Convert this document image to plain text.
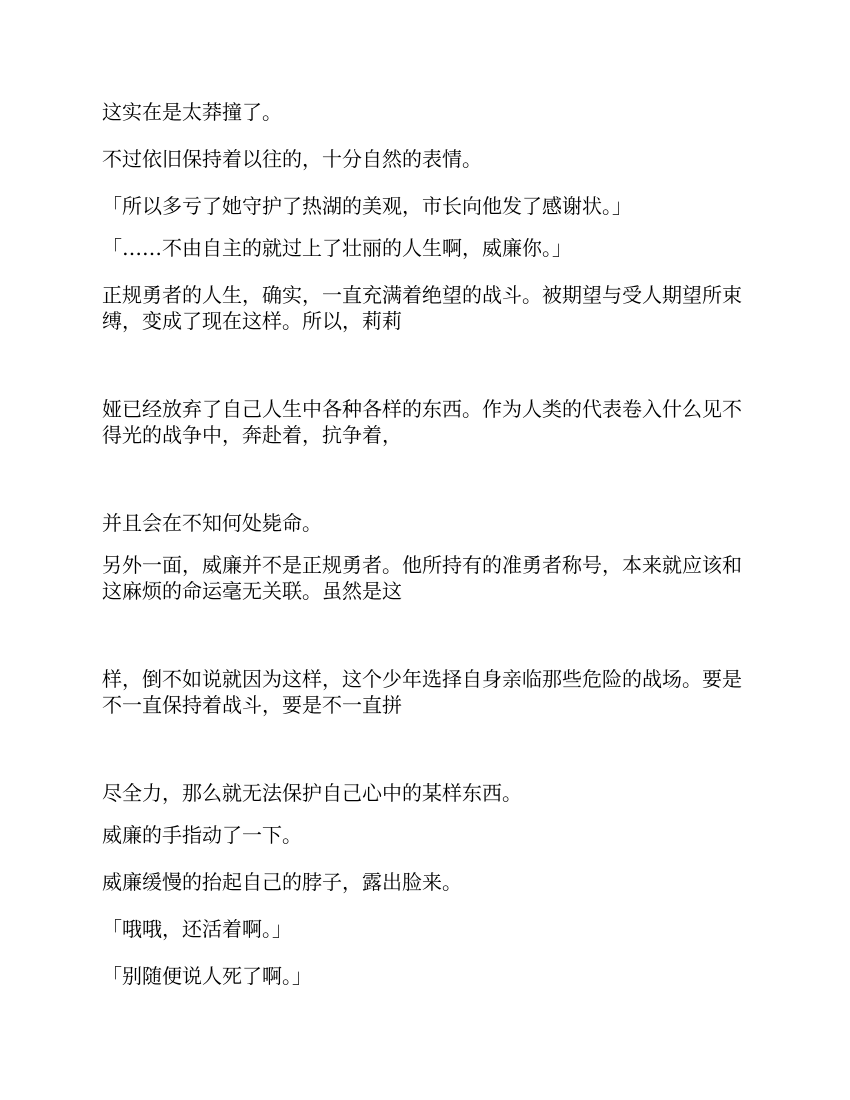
这实在是太莽撞了。

不过依旧保持着以往的，十分自然的表情。

「所以多亏了她守护了热湖的美观，市长向他发了感谢状。」

「……不由自主的就过上了壮丽的人生啊，威廉你。」

正规勇者的人生，确实，一直充满着绝望的战斗。被期望与受人期望所束缚，变成了现在这样。所以，莉莉

娅已经放弃了自己人生中各种各样的东西。作为人类的代表卷入什么见不得光的战争中，奔赴着，抗争着，

并且会在不知何处毙命。

另外一面，威廉并不是正规勇者。他所持有的准勇者称号，本来就应该和这麻烦的命运毫无关联。虽然是这

样，倒不如说就因为这样，这个少年选择自身亲临那些危险的战场。要是不一直保持着战斗，要是不一直拼

尽全力，那么就无法保护自己心中的某样东西。

威廉的手指动了一下。

威廉缓慢的抬起自己的脖子，露出脸来。

「哦哦，还活着啊。」

「别随便说人死了啊。」
